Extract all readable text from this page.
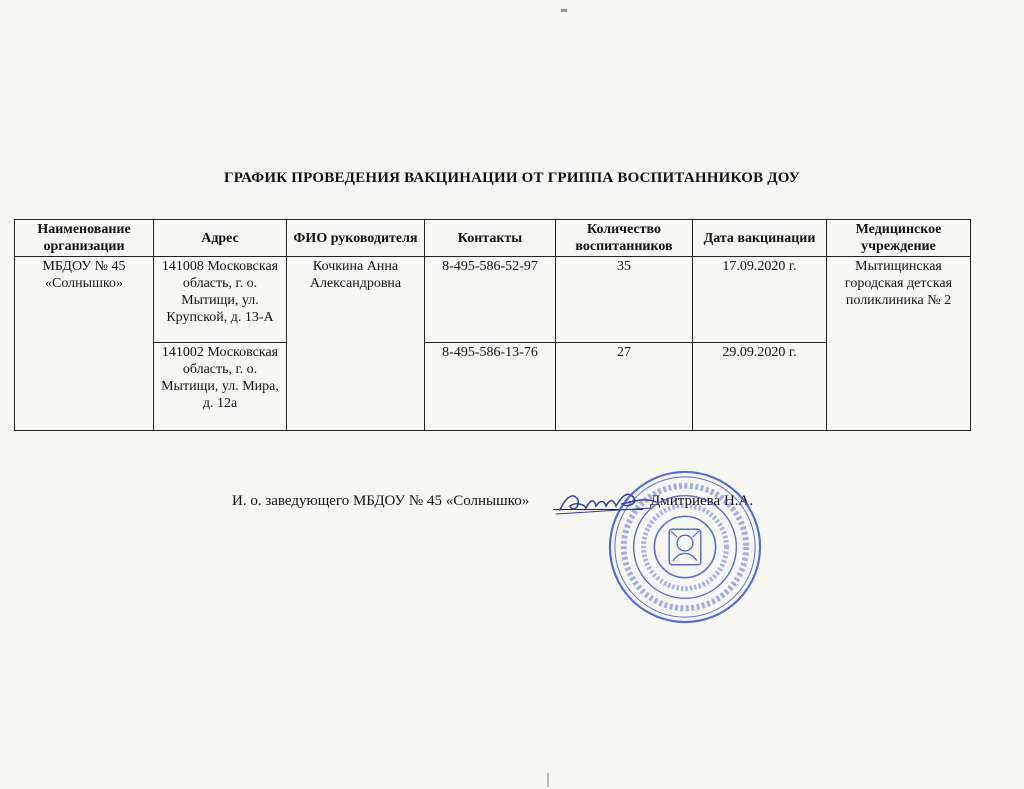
ГРАФИК ПРОВЕДЕНИЯ ВАКЦИНАЦИИ ОТ ГРИППА ВОСПИТАННИКОВ ДОУ
Наименование организации	Адрес	ФИО руководителя	Контакты	Количество воспитанников	Дата вакцинации	Медицинское учреждение
МБДОУ № 45 «Солнышко»	141008 Московская область, г. о. Мытищи, ул. Крупской, д. 13-А	Кочкина Анна Александровна	8-495-586-52-97	35	17.09.2020 г.	Мытищинская городская детская поликлиника № 2
	141002 Московская область, г. о. Мытищи, ул. Мира, д. 12а		8-495-586-13-76	27	29.09.2020 г.	
И. о. заведующего МБДОУ № 45 «Солнышко»	Дмитриева Н.А.
